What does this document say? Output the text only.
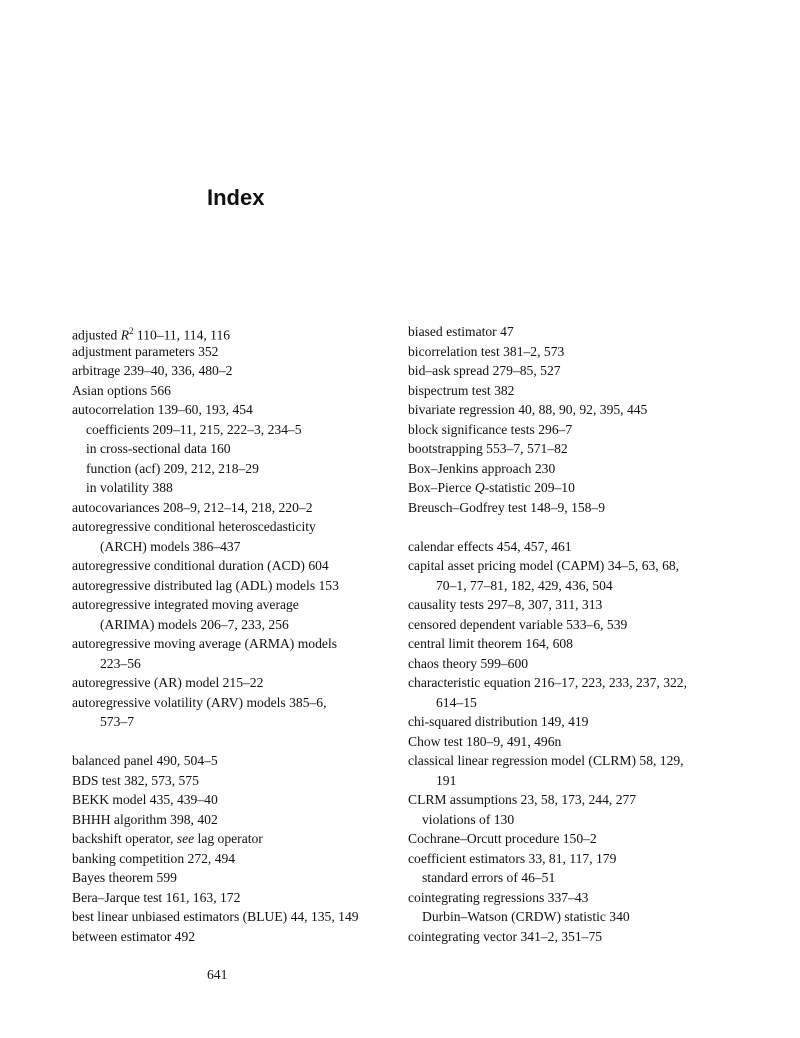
Index
adjusted $R^2$ 110–11, 114, 116
adjustment parameters 352
arbitrage 239–40, 336, 480–2
Asian options 566
autocorrelation 139–60, 193, 454
coefficients 209–11, 215, 222–3, 234–5
in cross-sectional data 160
function (acf) 209, 212, 218–29
in volatility 388
autocovariances 208–9, 212–14, 218, 220–2
autoregressive conditional heteroscedasticity
(ARCH) models 386–437
autoregressive conditional duration (ACD) 604
autoregressive distributed lag (ADL) models 153
autoregressive integrated moving average
(ARIMA) models 206–7, 233, 256
autoregressive moving average (ARMA) models
223–56
autoregressive (AR) model 215–22
autoregressive volatility (ARV) models 385–6,
573–7
balanced panel 490, 504–5
BDS test 382, 573, 575
BEKK model 435, 439–40
BHHH algorithm 398, 402
backshift operator, see lag operator
banking competition 272, 494
Bayes theorem 599
Bera–Jarque test 161, 163, 172
best linear unbiased estimators (BLUE) 44, 135, 149
between estimator 492
biased estimator 47
bicorrelation test 381–2, 573
bid–ask spread 279–85, 527
bispectrum test 382
bivariate regression 40, 88, 90, 92, 395, 445
block significance tests 296–7
bootstrapping 553–7, 571–82
Box–Jenkins approach 230
Box–Pierce Q-statistic 209–10
Breusch–Godfrey test 148–9, 158–9
calendar effects 454, 457, 461
capital asset pricing model (CAPM) 34–5, 63, 68,
70–1, 77–81, 182, 429, 436, 504
causality tests 297–8, 307, 311, 313
censored dependent variable 533–6, 539
central limit theorem 164, 608
chaos theory 599–600
characteristic equation 216–17, 223, 233, 237, 322,
614–15
chi-squared distribution 149, 419
Chow test 180–9, 491, 496n
classical linear regression model (CLRM) 58, 129,
191
CLRM assumptions 23, 58, 173, 244, 277
violations of 130
Cochrane–Orcutt procedure 150–2
coefficient estimators 33, 81, 117, 179
standard errors of 46–51
cointegrating regressions 337–43
Durbin–Watson (CRDW) statistic 340
cointegrating vector 341–2, 351–75
641
